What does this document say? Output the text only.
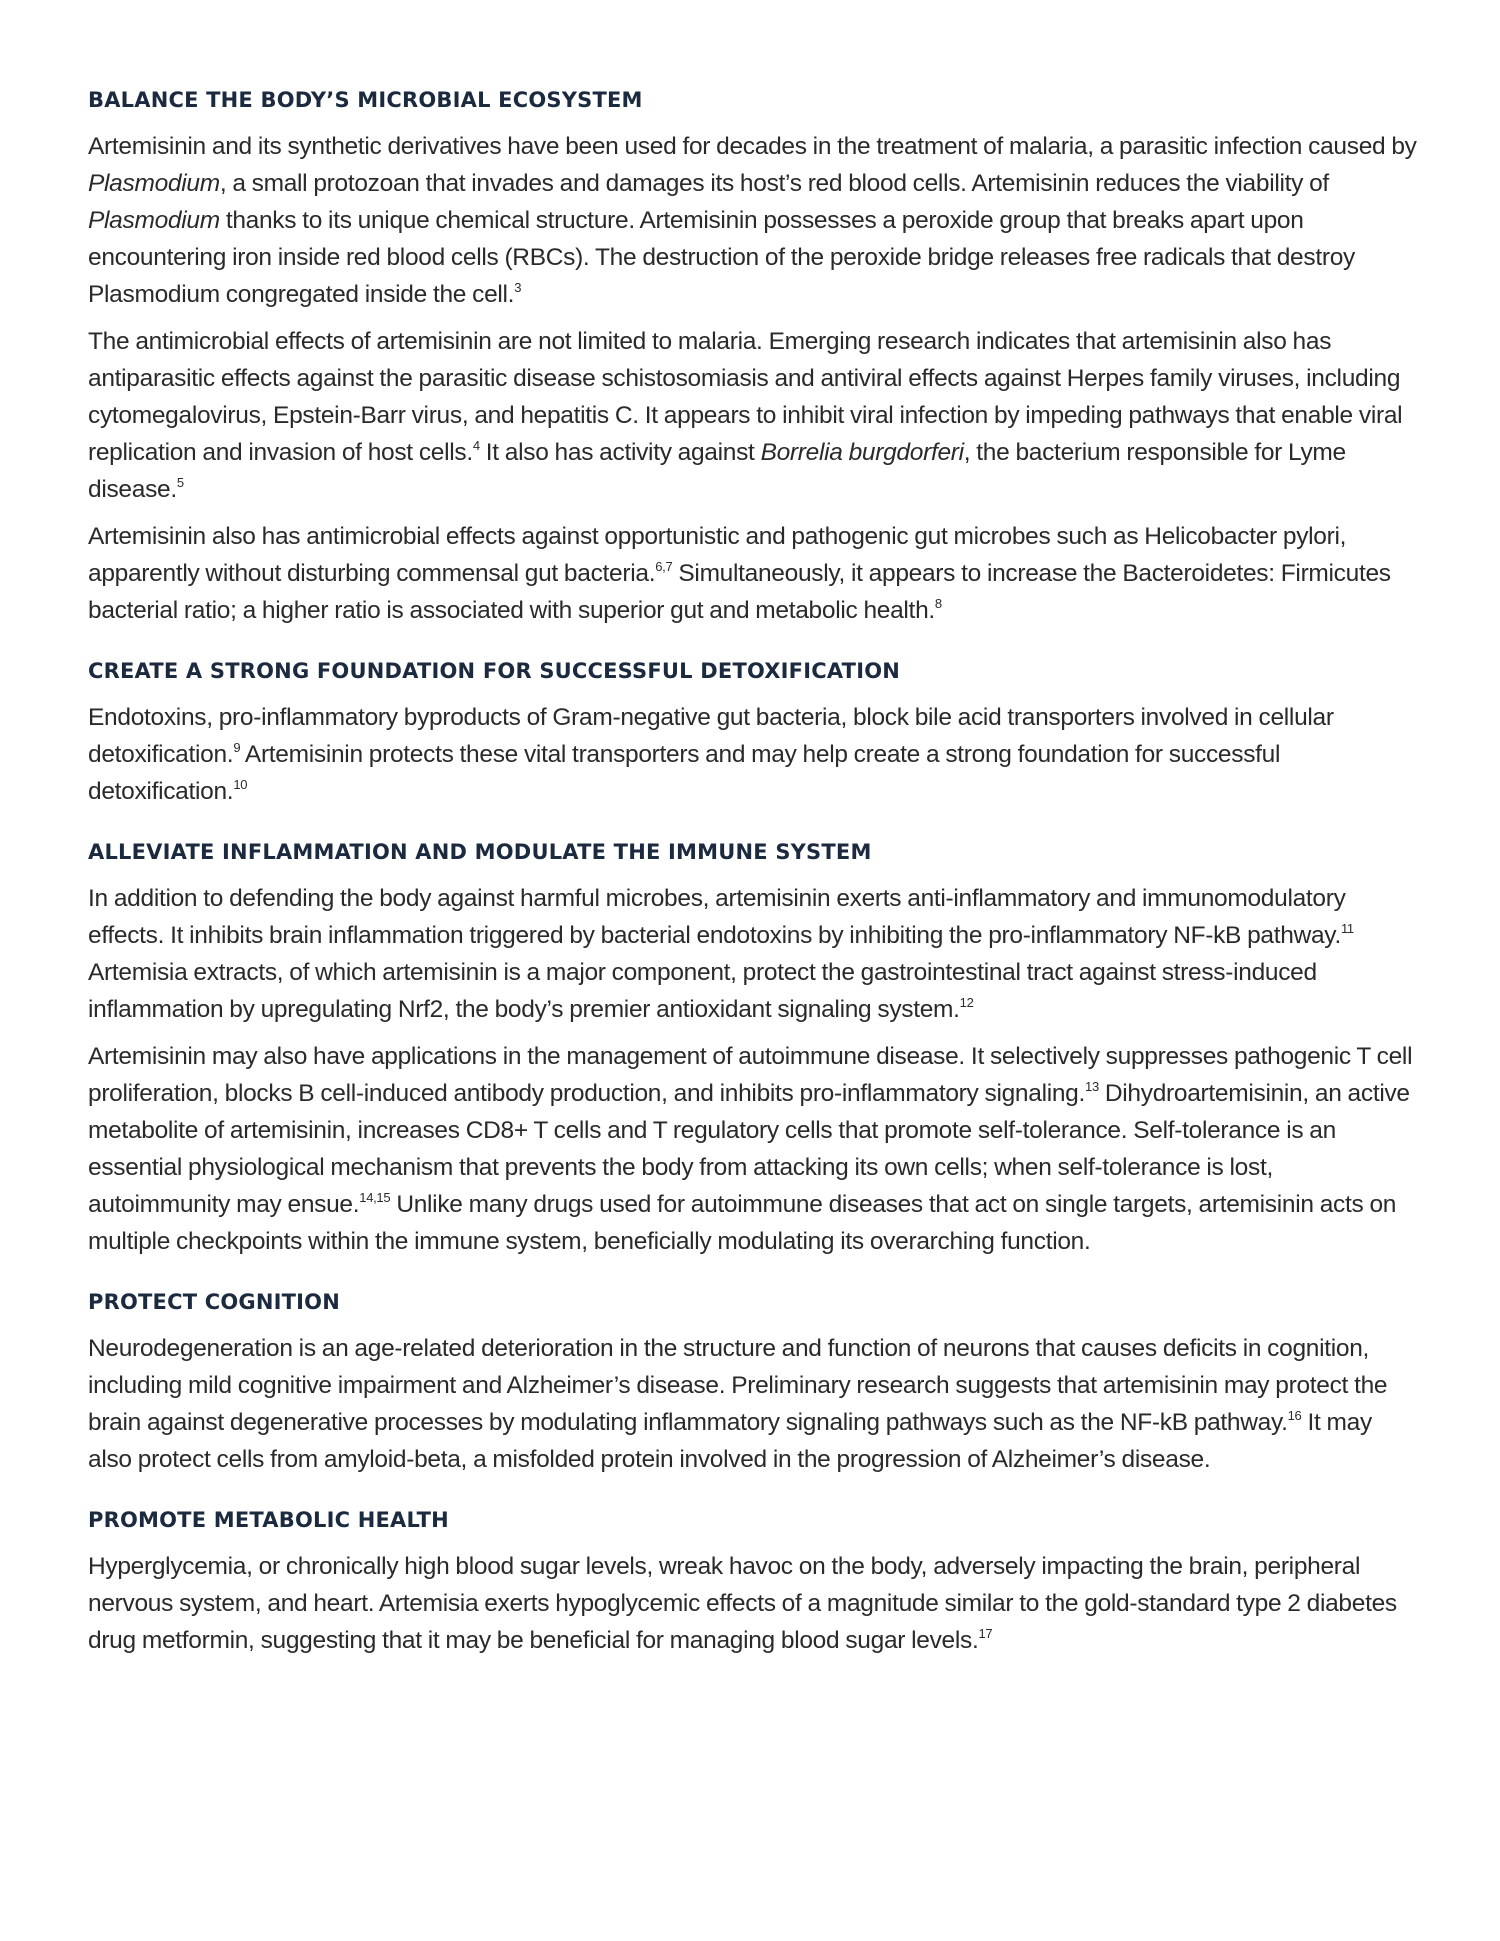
BALANCE THE BODY’S MICROBIAL ECOSYSTEM

Artemisinin and its synthetic derivatives have been used for decades in the treatment of malaria, a parasitic infection caused by Plasmodium, a small protozoan that invades and damages its host’s red blood cells. Artemisinin reduces the viability of Plasmodium thanks to its unique chemical structure. Artemisinin possesses a peroxide group that breaks apart upon encountering iron inside red blood cells (RBCs). The destruction of the peroxide bridge releases free radicals that destroy Plasmodium congregated inside the cell.$^3$

The antimicrobial effects of artemisinin are not limited to malaria. Emerging research indicates that artemisinin also has antiparasitic effects against the parasitic disease schistosomiasis and antiviral effects against Herpes family viruses, including cytomegalovirus, Epstein-Barr virus, and hepatitis C. It appears to inhibit viral infection by impeding pathways that enable viral replication and invasion of host cells.$^4$ It also has activity against Borrelia burgdorferi, the bacterium responsible for Lyme disease.$^5$

Artemisinin also has antimicrobial effects against opportunistic and pathogenic gut microbes such as Helicobacter pylori, apparently without disturbing commensal gut bacteria.$^{6,7}$ Simultaneously, it appears to increase the Bacteroidetes: Firmicutes bacterial ratio; a higher ratio is associated with superior gut and metabolic health.$^8$

CREATE A STRONG FOUNDATION FOR SUCCESSFUL DETOXIFICATION

Endotoxins, pro-inflammatory byproducts of Gram-negative gut bacteria, block bile acid transporters involved in cellular detoxification.$^9$ Artemisinin protects these vital transporters and may help create a strong foundation for successful detoxification.$^{10}$

ALLEVIATE INFLAMMATION AND MODULATE THE IMMUNE SYSTEM

In addition to defending the body against harmful microbes, artemisinin exerts anti-inflammatory and immunomodulatory effects. It inhibits brain inflammation triggered by bacterial endotoxins by inhibiting the pro-inflammatory NF-kB pathway.$^{11}$ Artemisia extracts, of which artemisinin is a major component, protect the gastrointestinal tract against stress-induced inflammation by upregulating Nrf2, the body’s premier antioxidant signaling system.$^{12}$

Artemisinin may also have applications in the management of autoimmune disease. It selectively suppresses pathogenic T cell proliferation, blocks B cell-induced antibody production, and inhibits pro-inflammatory signaling.$^{13}$ Dihydroartemisinin, an active metabolite of artemisinin, increases CD8+ T cells and T regulatory cells that promote self-tolerance. Self-tolerance is an essential physiological mechanism that prevents the body from attacking its own cells; when self-tolerance is lost, autoimmunity may ensue.$^{14,15}$ Unlike many drugs used for autoimmune diseases that act on single targets, artemisinin acts on multiple checkpoints within the immune system, beneficially modulating its overarching function.

PROTECT COGNITION

Neurodegeneration is an age-related deterioration in the structure and function of neurons that causes deficits in cognition, including mild cognitive impairment and Alzheimer’s disease. Preliminary research suggests that artemisinin may protect the brain against degenerative processes by modulating inflammatory signaling pathways such as the NF-kB pathway.$^{16}$ It may also protect cells from amyloid-beta, a misfolded protein involved in the progression of Alzheimer’s disease.

PROMOTE METABOLIC HEALTH

Hyperglycemia, or chronically high blood sugar levels, wreak havoc on the body, adversely impacting the brain, peripheral nervous system, and heart. Artemisia exerts hypoglycemic effects of a magnitude similar to the gold-standard type 2 diabetes drug metformin, suggesting that it may be beneficial for managing blood sugar levels.$^{17}$
